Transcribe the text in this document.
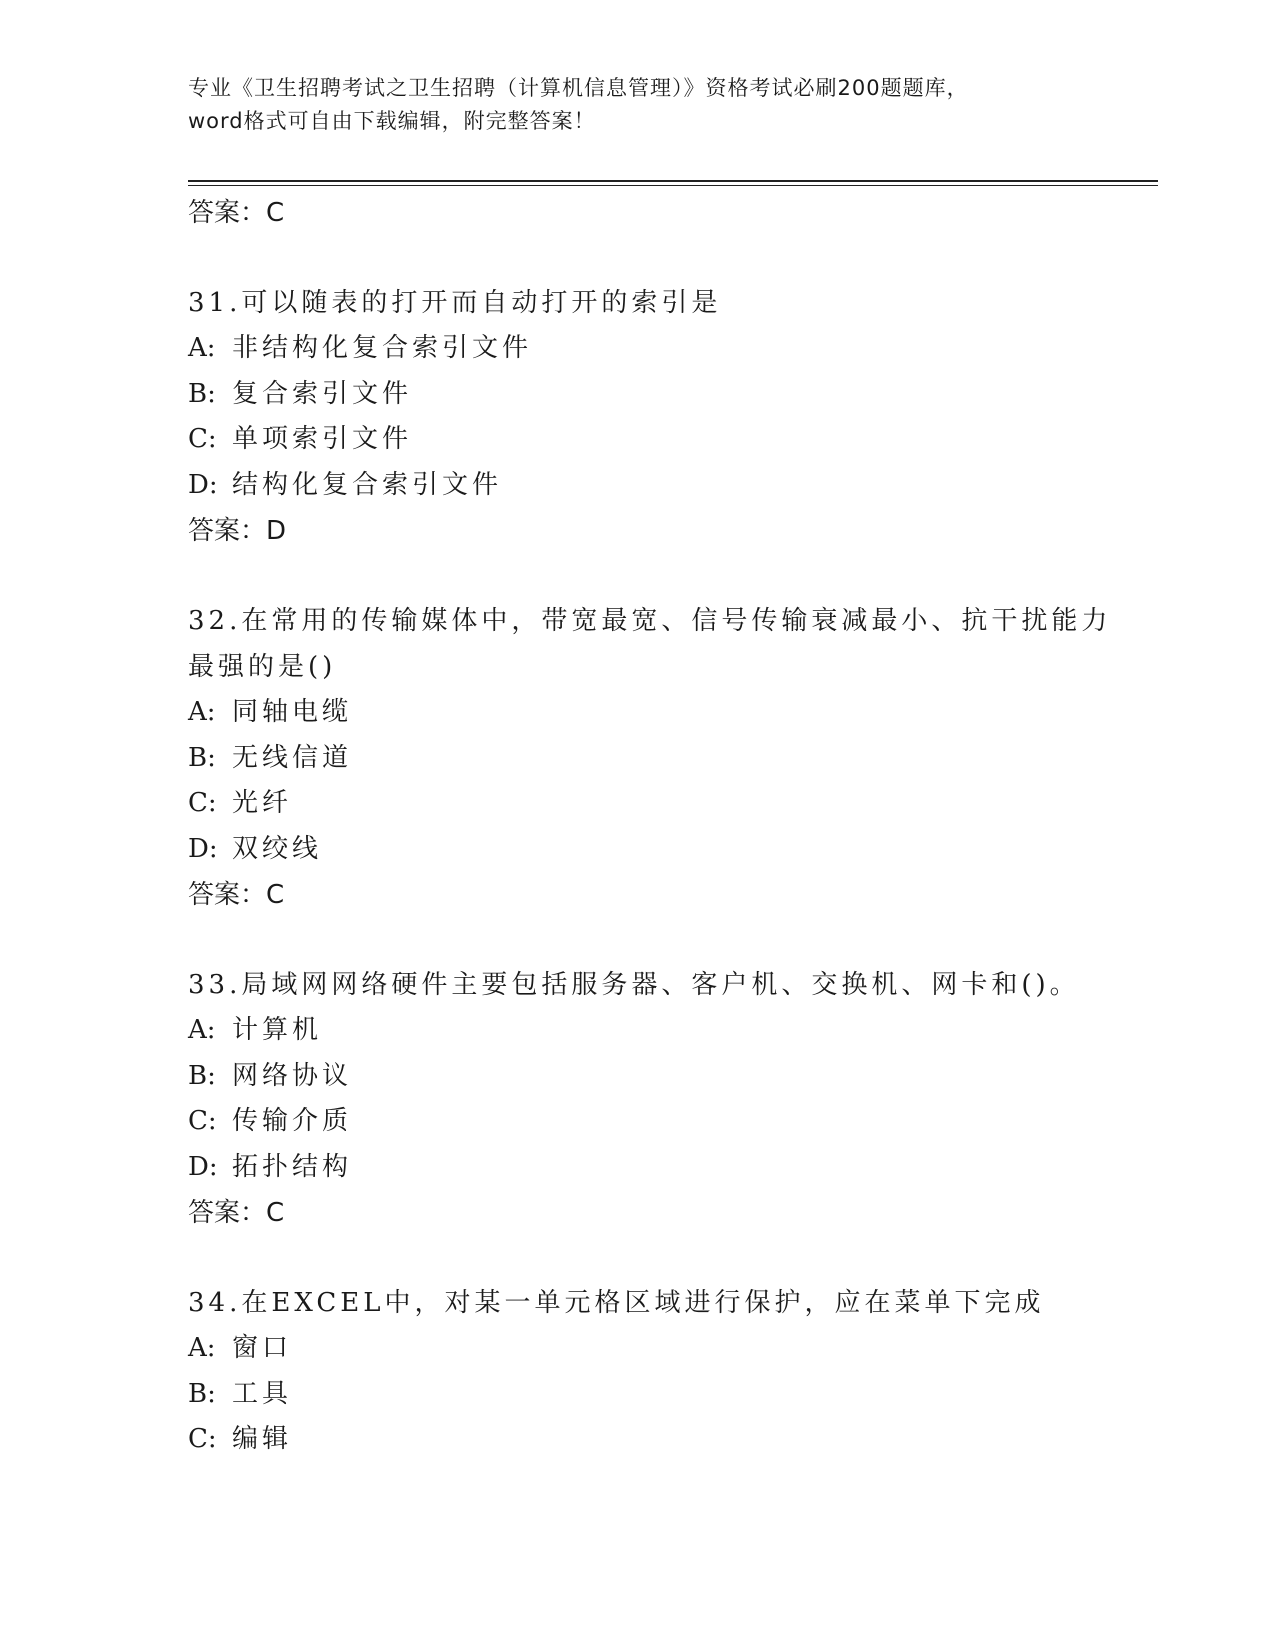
专业《卫生招聘考试之卫生招聘（计算机信息管理）》资格考试必刷200题题库，
word格式可自由下载编辑，附完整答案！

答案：C

31.可以随表的打开而自动打开的索引是

A: 非结构化复合索引文件

B: 复合索引文件

C: 单项索引文件

D: 结构化复合索引文件

答案：D

32.在常用的传输媒体中，带宽最宽、信号传输衰减最小、抗干扰能力

最强的是()

A: 同轴电缆

B: 无线信道

C: 光纤

D: 双绞线

答案：C

33.局域网网络硬件主要包括服务器、客户机、交换机、网卡和()。

A: 计算机

B: 网络协议

C: 传输介质

D: 拓扑结构

答案：C

34.在EXCEL中，对某一单元格区域进行保护，应在菜单下完成

A: 窗口

B: 工具

C: 编辑
